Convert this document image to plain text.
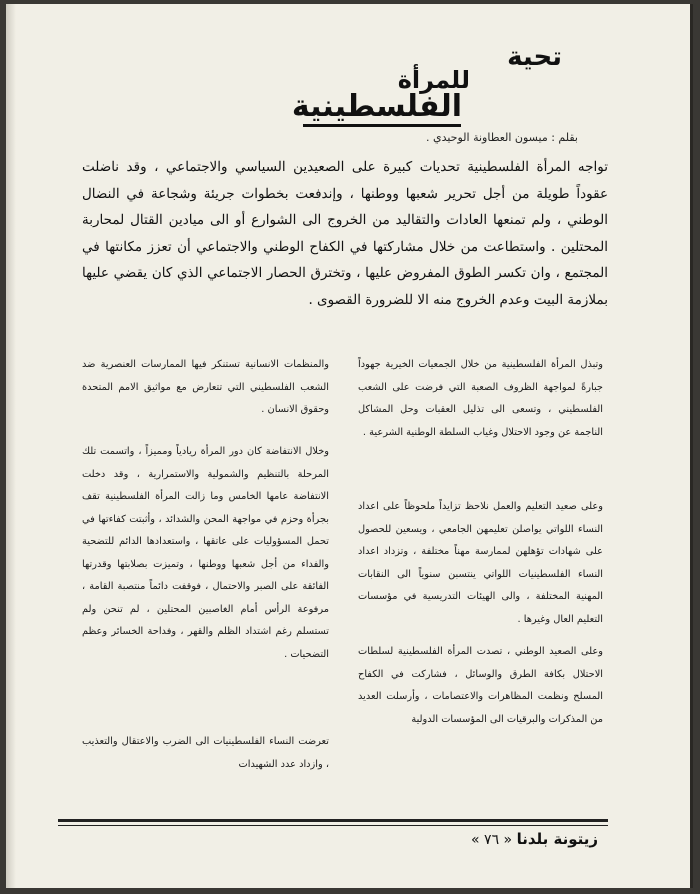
تحية
للمرأة
الفلسطينية
بقلم : ميسون العطاونة الوحيدي .
تواجه المرأة الفلسطينية تحديات كبيرة على الصعيدين السياسي والاجتماعي ، وقد ناضلت عقوداً طويلة من أجل تحرير شعبها ووطنها ، وإندفعت بخطوات جريئة وشجاعة في النضال الوطني ، ولم تمنعها العادات والتقاليد من الخروج الى الشوارع أو الى ميادين القتال لمحاربة المحتلين . واستطاعت من خلال مشاركتها في الكفاح الوطني والاجتماعي أن تعزز مكانتها في المجتمع ، وان تكسر الطوق المفروض عليها ، وتخترق الحصار الاجتماعي الذي كان يقضي عليها بملازمة البيت وعدم الخروج منه الا للضرورة القصوى .

وتبذل المرأة الفلسطينية من خلال الجمعيات الخيرية جهوداً جبارةً لمواجهة الظروف الصعبة التي فرضت على الشعب الفلسطيني ، وتسعى الى تذليل العقبات وحل المشاكل الناجمة عن وجود الاحتلال وغياب السلطة الوطنية الشرعية .

وعلى صعيد التعليم والعمل نلاحظ تزايداً ملحوظاً على اعداد النساء اللواتي يواصلن تعليمهن الجامعي ، ويسعين للحصول على شهادات تؤهلهن لممارسة مهناً مختلفة ، وتزداد اعداد النساء الفلسطينيات اللواتي ينتسبن سنوياً الى النقابات المهنية المختلفة ، والى الهيئات التدريسية في مؤسسات التعليم العال وغيرها .

وعلى الصعيد الوطني ، تصدت المرأة الفلسطينية لسلطات الاحتلال بكافة الطرق والوسائل ، فشاركت في الكفاح المسلح ونظمت المظاهرات والاعتصامات ، وأرسلت العديد من المذكرات والبرقيات الى المؤسسات الدولية

والمنظمات الانسانية تستنكر فيها الممارسات العنصرية ضد الشعب الفلسطيني التي تتعارض مع مواثيق الامم المتحدة وحقوق الانسان .

وخلال الانتفاضة كان دور المرأة ريادياً ومميزاً ، واتسمت تلك المرحلة بالتنظيم والشمولية والاستمرارية ، وقد دخلت الانتفاضة عامها الخامس وما زالت المرأة الفلسطينية تقف بجرأة وحزم في مواجهة المحن والشدائد ، وأثبتت كفاءتها في تحمل المسؤوليات على عاتقها ، واستعدادها الدائم للتضحية والفداء من أجل شعبها ووطنها ، وتميزت بصلابتها وقدرتها الفائقة على الصبر والاحتمال ، فوقفت دائماً منتصبة القامة ، مرفوعة الرأس أمام الغاصبين المحتلين ، لم تنحن ولم تستسلم رغم اشتداد الظلم والقهر ، وفداحة الخسائر وعظم التضحيات .

تعرضت النساء الفلسطينيات الى الضرب والاعتقال والتعذيب ، وازداد عدد الشهيدات

زيتونة بلدنا « ٧٦ »
